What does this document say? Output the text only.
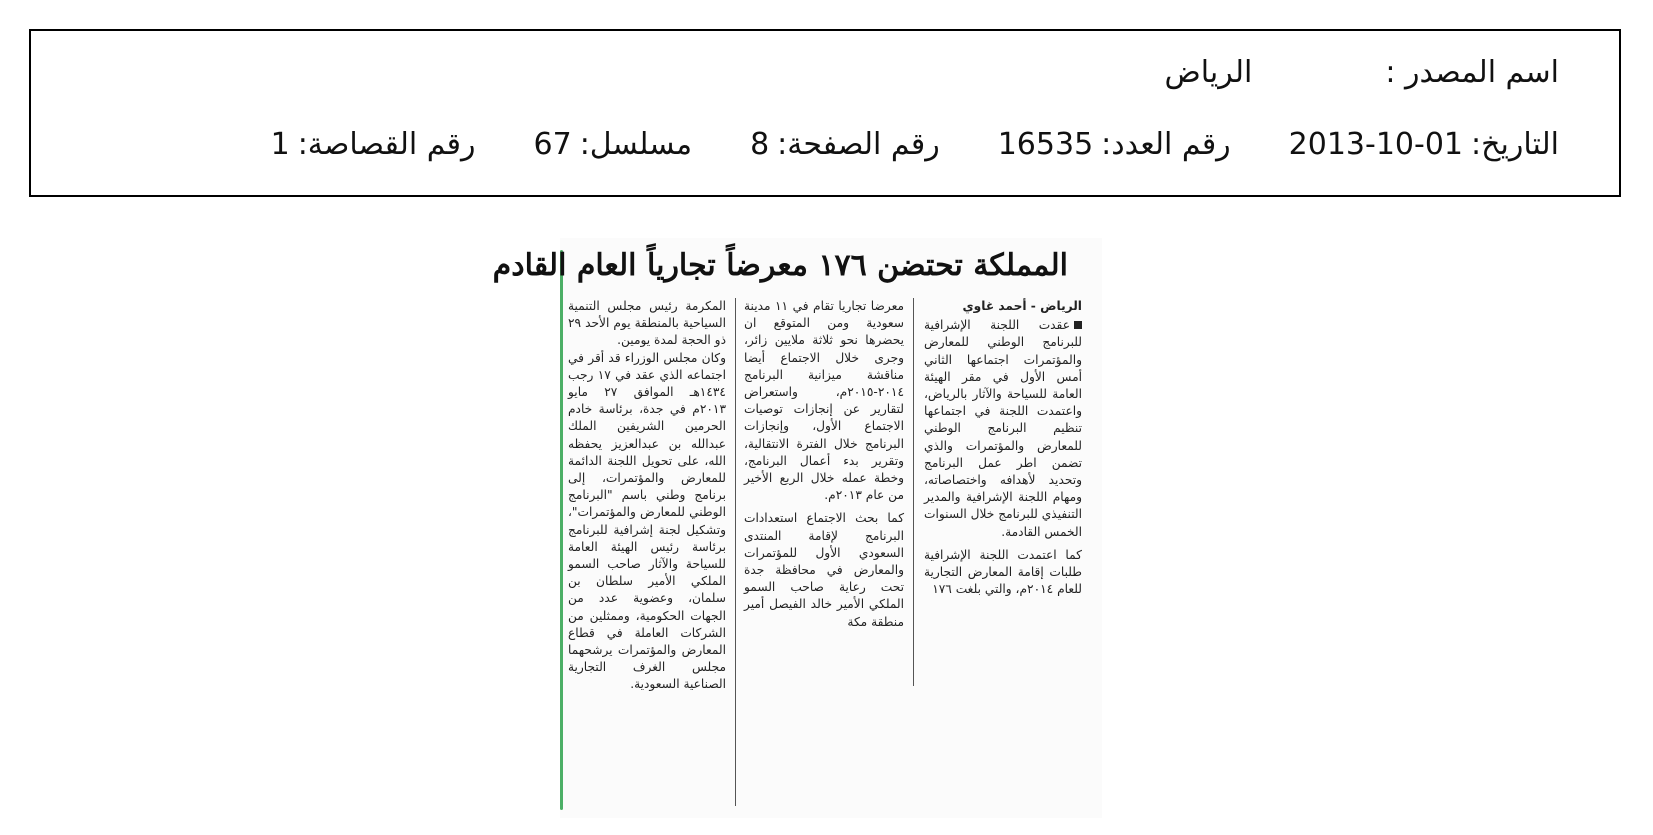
اسم المصدر :
الرياض
التاريخ:
2013-10-01
رقم العدد:
16535
رقم الصفحة:
8
مسلسل:
67
رقم القصاصة:
1
المملكة تحتضن ١٧٦ معرضاً تجارياً العام القادم
الرياض - أحمد غاوي

عقدت اللجنة الإشرافية للبرنامج الوطني للمعارض والمؤتمرات اجتماعها الثاني أمس الأول في مقر الهيئة العامة للسياحة والآثار بالرياض، واعتمدت اللجنة في اجتماعها تنظيم البرنامج الوطني للمعارض والمؤتمرات والذي تضمن اطر عمل البرنامج وتحديد لأهدافه واختصاصاته، ومهام اللجنة الإشرافية والمدير التنفيذي للبرنامج خلال السنوات الخمس القادمة.

كما اعتمدت اللجنة الإشرافية طلبات إقامة المعارض التجارية للعام ٢٠١٤م، والتي بلغت ١٧٦

معرضا تجاريا تقام في ١١ مدينة سعودية ومن المتوقع ان يحضرها نحو ثلاثة ملايين زائر، وجرى خلال الاجتماع أيضا مناقشة ميزانية البرنامج ٢٠١٤-٢٠١٥م، واستعراض لتقارير عن إنجازات توصيات الاجتماع الأول، وإنجازات البرنامج خلال الفترة الانتقالية، وتقرير بدء أعمال البرنامج، وخطة عمله خلال الربع الأخير من عام ٢٠١٣م.

كما بحث الاجتماع استعدادات البرنامج لإقامة المنتدى السعودي الأول للمؤتمرات والمعارض في محافظة جدة تحت رعاية صاحب السمو الملكي الأمير خالد الفيصل أمير منطقة مكة

المكرمة رئيس مجلس التنمية السياحية بالمنطقة يوم الأحد ٢٩ ذو الحجة لمدة يومين.

وكان مجلس الوزراء قد أقر في اجتماعه الذي عقد في ١٧ رجب ١٤٣٤هـ الموافق ٢٧ مايو ٢٠١٣م في جدة، برئاسة خادم الحرمين الشريفين الملك عبدالله بن عبدالعزيز يحفظه الله، على تحويل اللجنة الدائمة للمعارض والمؤتمرات، إلى برنامج وطني باسم "البرنامج الوطني للمعارض والمؤتمرات"، وتشكيل لجنة إشرافية للبرنامج برئاسة رئيس الهيئة العامة للسياحة والآثار صاحب السمو الملكي الأمير سلطان بن سلمان، وعضوية عدد من الجهات الحكومية، وممثلين من الشركات العاملة في قطاع المعارض والمؤتمرات يرشحهما مجلس الغرف التجارية الصناعية السعودية.
